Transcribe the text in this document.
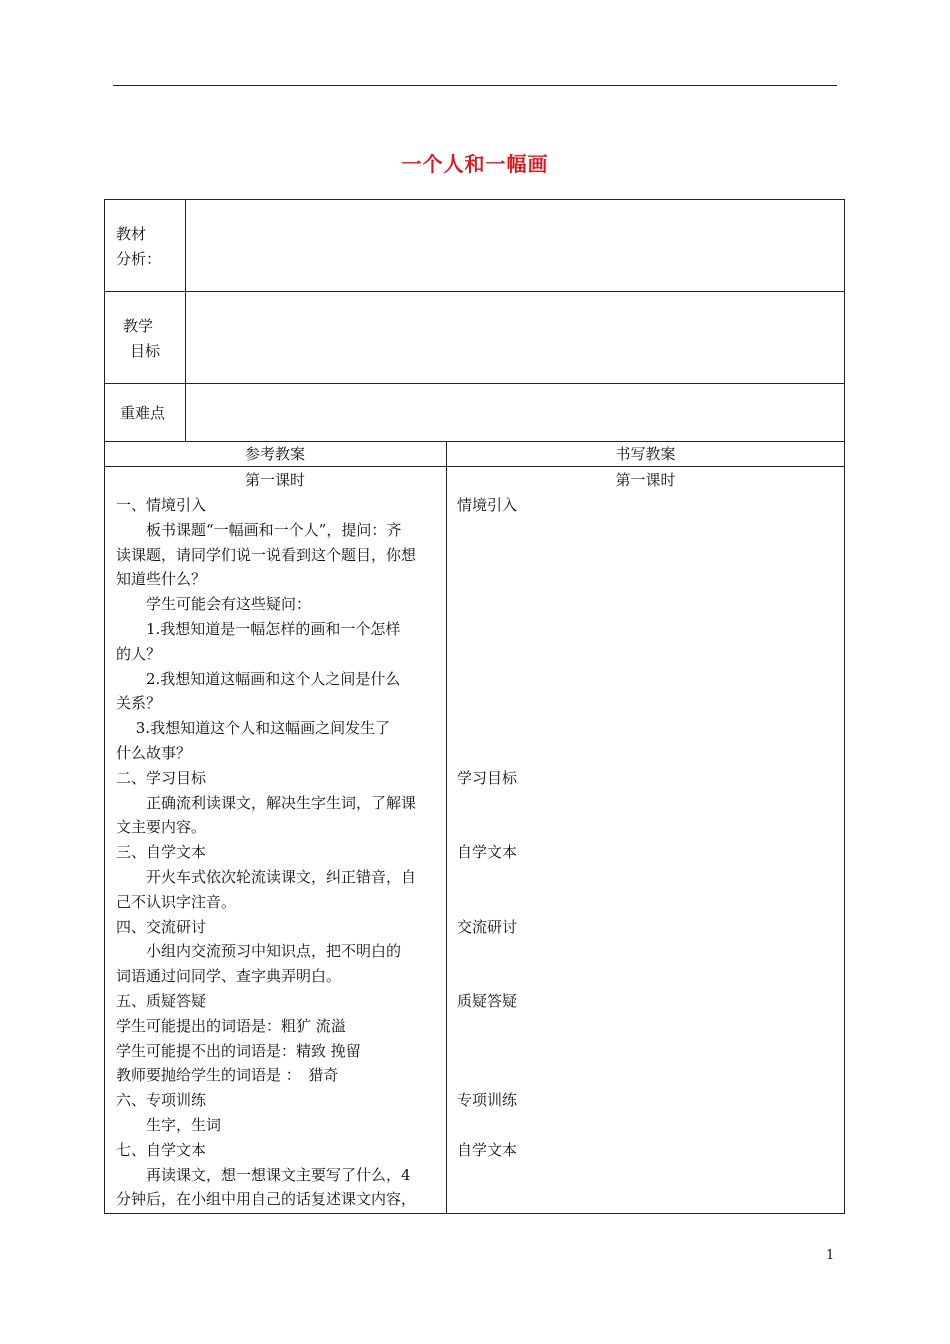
一个人和一幅画
教材
分析：
教学
目标
重难点
参考教案	书写教案
第一课时	第一课时
一、情境引入
　　板书课题“一幅画和一个人”，提问：齐
读课题，请同学们说一说看到这个题目，你想
知道些什么？
　　学生可能会有这些疑问：
　　1.我想知道是一幅怎样的画和一个怎样
的人？
　　2.我想知道这幅画和这个人之间是什么
关系？
　 3.我想知道这个人和这幅画之间发生了
什么故事？
二、学习目标
　　正确流利读课文，解决生字生词，了解课
文主要内容。
三、自学文本
　　开火车式依次轮流读课文，纠正错音，自
己不认识字注音。
四、交流研讨
　　小组内交流预习中知识点，把不明白的
词语通过问同学、查字典弄明白。
五、质疑答疑
学生可能提出的词语是：粗犷 流溢
学生可能提不出的词语是：精致 挽留
教师要抛给学生的词语是 ：　猎奇
六、专项训练
　　生字，生词
七、自学文本
　　再读课文，想一想课文主要写了什么，4
分钟后，在小组中用自己的话复述课文内容，
情境引入
学习目标
自学文本
交流研讨
质疑答疑
专项训练
自学文本
1
